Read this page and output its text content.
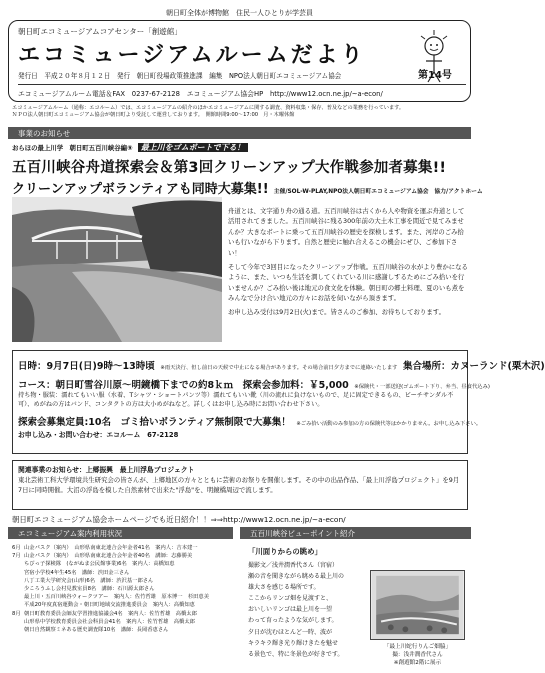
朝日町全体が博物館　住民一人ひとりが学芸員
朝日町エコミュージアムコアセンター「創遊館」
エコミュージアムルームだより
発行日　平成２０年８月１２日　発行　朝日町役場政策推進課　編集　NPO法人朝日町エコミュージアム協会	第14号
エコミュージアムルーム電話＆FAX　0237-67-2128　エコミュージアム協会HP　http://www12.ocn.ne.jp/~a-econ/
エコミュージアムルーム（通称：エコルーム）では、エコミュージアムの紹介のほかエコミュージアムに関する調査、資料収集・保存、普及などの業務を行っています。
ＮＰＯ法人朝日町エコミュージアム協会が朝日町より受託して運営しております。　開館時間9:00〜17:00　月・木曜休館
事業のお知らせ
おらほの最上川学　朝日町五百川峡谷編⑨ 最上川をゴムボートで下る！
五百川峡谷舟道探索会＆第3回クリーンアップ大作戦参加者募集!!
クリーンアップボランティアも同時大募集!! 主催/SOL-W-PLAY,NPO法人朝日町エコミュージアム協会　協力/アクトホーム

舟道とは、文字通り舟の通る道。五百川峡谷は古くから人や物資を運ぶ舟道として活用されてきました。五百川峡谷に残る300年前の大土木工事を間近で見てみませんか？大きなボートに乗って五百川峡谷の歴史を探検します。また、河岸のごみ拾いも行いながら下ります。自然と歴史に触れ合えるこの機会にぜひ、ご参加下さい！

そして今年で3回目になったクリーンアップ作戦。五百川峡谷の水がより豊かになるように、また、いつも生活を潤してくれている川に感謝しするためにごみ拾いを行いませんか？ごみ拾い後は地元の食文化を体験。朝日町の郷土料理、夏のいも煮をみんなで分け合い地元の方々にお話を伺いながら頂きます。

お申し込み受付は9月2日(火)まで。皆さんのご参加、お待ちしております。

日時：9月7日(日)9時〜13時頃 ※雨天決行、但し前日の天候で中止になる場合があります。その場合前日夕方までに連絡いたします 集合場所：カヌーランド(栗木沢)
コース：朝日町雪谷川原〜明鏡橋下までの約8ｋｍ　探索会参加料：￥5,000 ※保険代・一部送迎(ゴムボート下り、弁当、昼食代込み)
持ち物・服装：濡れてもいい服（水着、Tシャツ・ショートパンツ等）濡れてもいい靴（川の流れに負けないもので、足に固定できるもの、ビーチサンダル不可）、めがねの方はバンド、コンタクトの方は大小めがねなど。詳しくはお申し込み時にお問い合わせ下さい。
探索会募集定員:10名　ゴミ拾いボランティア無制限で大募集！ ※ごみ拾い活動のみ参加の方の保険代等はかかりません。お申し込み下さい。
お申し込み・お問い合わせ：エコルーム　67-2128
関連事業のお知らせ：上郷振興　最上川浮島プロジェクト
東北芸術工科大学環境共生研究会の皆さんが、上郷地区の方々とともに芸術のお祭りを開催します。その中の出品作品、「最上川浮島プロジェクト」を9月7日に同時開催。大沼の浮島を模した自然素材で出来た"浮島"を、明鏡橋周辺で流します。
朝日町エコミュージアム協会ホームページでも近日紹介！！⇒⇒http://www12.ocn.ne.jp/~a-econ/
エコミュージアム案内利用状況	五百川峡谷ビューポイント紹介
6月 山金パスク（案内）　山形県南東北連合会年金者41名　案内人：吉本建一
7月 山金パスク（案内）　山形県南東北連合会年金者40名　講師：志藤勝美
ちびっ子探検隊　(ながぬま公民館事業)6名　案内人：高橋知恵
宮宿小学校4年生45名　講師：渋田金三さん
八丁工業大学研究会(山形)6名　講師：渋沢基一郎さん
少ころうふし会村見教室員8名　講師：石川源太郎さん
最上川・五百川峡谷ウォークツアー　案内人：佐竹哲雄　原本博一　杉田恵美
平成20年度真宿運動会・朝日町地域交流推進委員会　案内人：高橋知恵
8月 朝日町教育委員会師友学習推進協議会4名　案内人：佐竹哲雄　高橋太郎
山形県中学校教育委員会社会科員会41名　案内人：佐竹哲雄　高橋太郎
朝日自然観察ミネある歴史調査隊10名　講師：長岡香恵さん
「川面りからの眺め」
撮影文／浅井潤香代さん（宮宿）
瀬の音を聞きながら眺める最上川の
雄大さを感じる場所です。
ここからリンゴ畑を見渡すと、
おいしいリンゴは最上川を一望
わって育ったような気がします。
夕日が沈むほとんど一時、波が
キラキラ輝き光り輝けきたを魅せ
る景色で、特に冬景色が好きです。
「最上川蛇行りんご畑脇」
撮：浅井潤香代さん
※創遊館2階に展示
